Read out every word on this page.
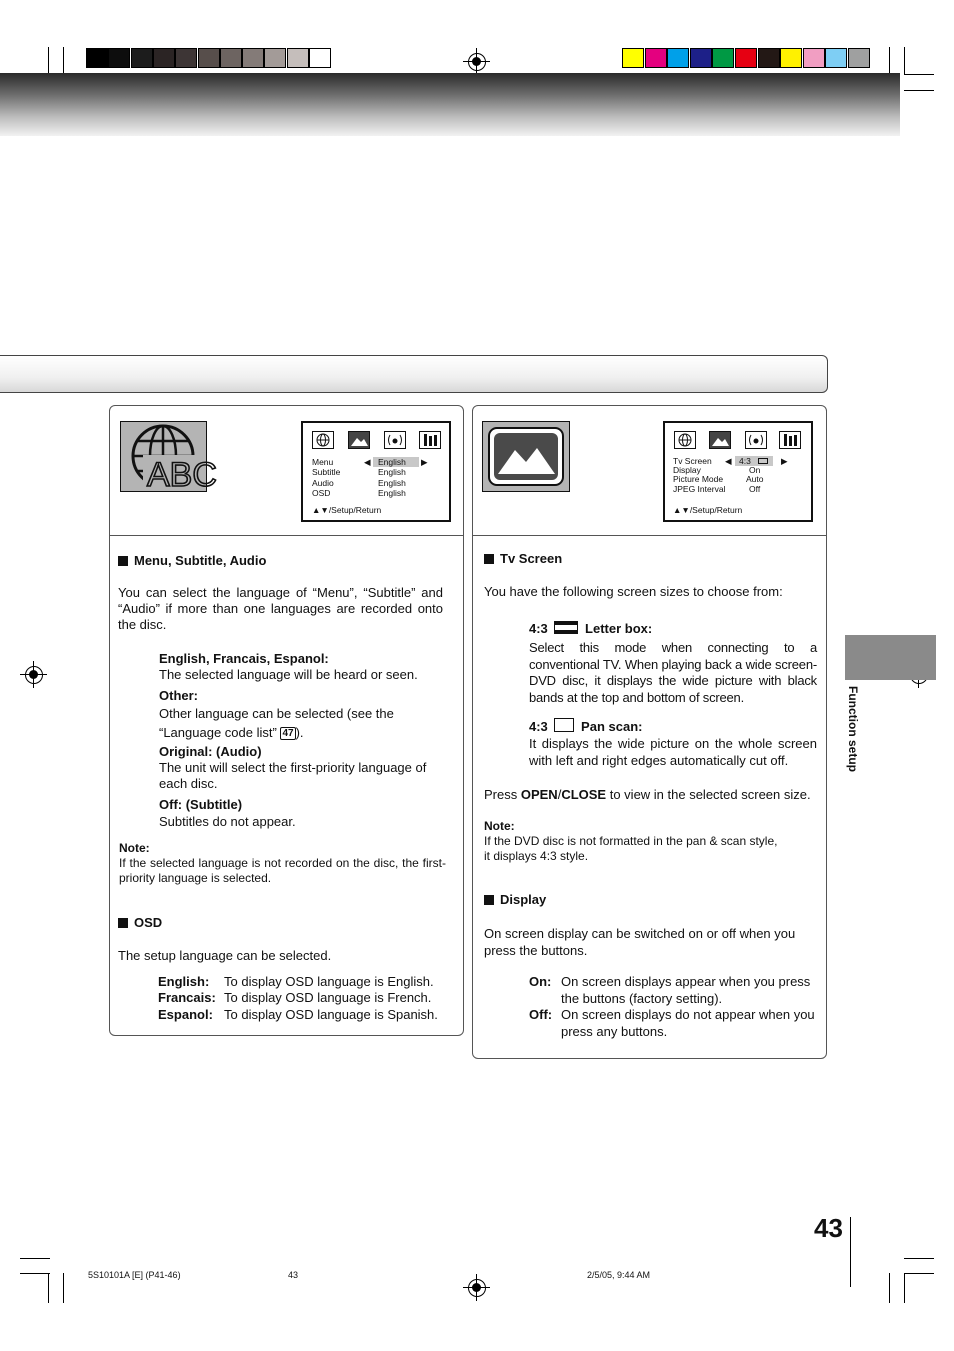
Function setup
ABC	◀	▶
Menu	English
Subtitle	English
Audio	English
OSD	English
▲▼/Setup/Return
Menu, Subtitle, Audio
You can select the language of “Menu”, “Subtitle” and “Audio” if more than one languages are recorded onto the disc.
English, Francais, Espanol:
The selected language will be heard or seen.
Other:
Other language can be selected (see the “Language code list” 47 ).
Original: (Audio)
The unit will select the first-priority language of each disc.
Off: (Subtitle)
Subtitles do not appear.
Note:
If the selected language is not recorded on the disc, the first-priority language is selected.
OSD
The setup language can be selected.
English: To display OSD language is English.
Francais: To display OSD language is French.
Espanol: To display OSD language is Spanish.
◀	▶
Tv Screen	4:3
Display	On
Picture Mode	Auto
JPEG Interval	Off
▲▼/Setup/Return
Tv Screen
You have the following screen sizes to choose from:
4:3	Letter box:
Select this mode when connecting to a conventional TV. When playing back a wide screen-DVD disc, it displays the wide picture with black bands at the top and bottom of screen.
4:3	Pan scan:
It displays the wide picture on the whole screen with left and right edges automatically cut off.
Press OPEN/CLOSE to view in the selected screen size.
Note:
If the DVD disc is not formatted in the pan & scan style,
it displays 4:3 style.
Display
On screen display can be switched on or off when you press the buttons.
On: On screen displays appear when you press the buttons (factory setting).
Off: On screen displays do not appear when you press any buttons.
43
5S10101A [E] (P41-46)	43	2/5/05, 9:44 AM
